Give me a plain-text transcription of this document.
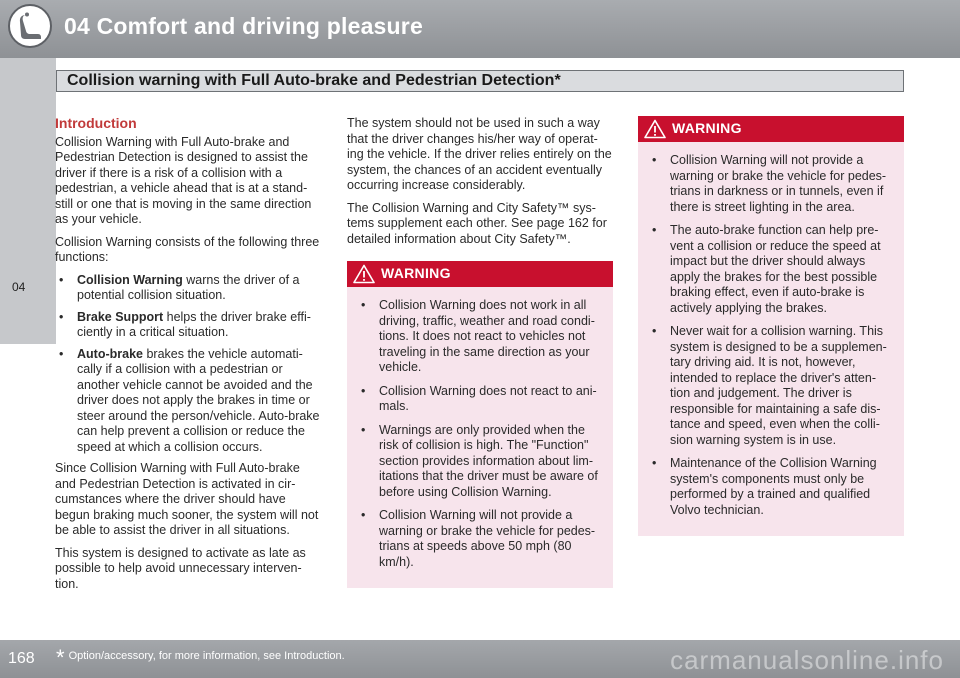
04 Comfort and driving pleasure
04
Collision warning with Full Auto-brake and Pedestrian Detection*
Introduction

Collision Warning with Full Auto-brake and Pedestrian Detection is designed to assist the driver if there is a risk of a collision with a pedestrian, a vehicle ahead that is at a stand-still or one that is moving in the same direction as your vehicle.

Collision Warning consists of the following three functions:

• Collision Warning warns the driver of a potential collision situation.
• Brake Support helps the driver brake effi-ciently in a critical situation.
• Auto-brake brakes the vehicle automati-cally if a collision with a pedestrian or another vehicle cannot be avoided and the driver does not apply the brakes in time or steer around the person/vehicle. Auto-brake can help prevent a collision or reduce the speed at which a collision occurs.

Since Collision Warning with Full Auto-brake and Pedestrian Detection is activated in cir-cumstances where the driver should have begun braking much sooner, the system will not be able to assist the driver in all situations.

This system is designed to activate as late as possible to help avoid unnecessary interven-tion.

The system should not be used in such a way that the driver changes his/her way of operat-ing the vehicle. If the driver relies entirely on the system, the chances of an accident eventually occurring increase considerably.

The Collision Warning and City Safety™ sys-tems supplement each other. See page 162 for detailed information about City Safety™.

WARNING
• Collision Warning does not work in all driving, traffic, weather and road condi-tions. It does not react to vehicles not traveling in the same direction as your vehicle.
• Collision Warning does not react to ani-mals.
• Warnings are only provided when the risk of collision is high. The "Function" section provides information about lim-itations that the driver must be aware of before using Collision Warning.
• Collision Warning will not provide a warning or brake the vehicle for pedes-trians at speeds above 50 mph (80 km/h).
WARNING
• Collision Warning will not provide a warning or brake the vehicle for pedes-trians in darkness or in tunnels, even if there is street lighting in the area.
• The auto-brake function can help pre-vent a collision or reduce the speed at impact but the driver should always apply the brakes for the best possible braking effect, even if auto-brake is actively applying the brakes.
• Never wait for a collision warning. This system is designed to be a supplemen-tary driving aid. It is not, however, intended to replace the driver's atten-tion and judgement. The driver is responsible for maintaining a safe dis-tance and speed, even when the colli-sion warning system is in use.
• Maintenance of the Collision Warning system's components must only be performed by a trained and qualified Volvo technician.
168 * Option/accessory, for more information, see Introduction.	carmanualsonline.info
